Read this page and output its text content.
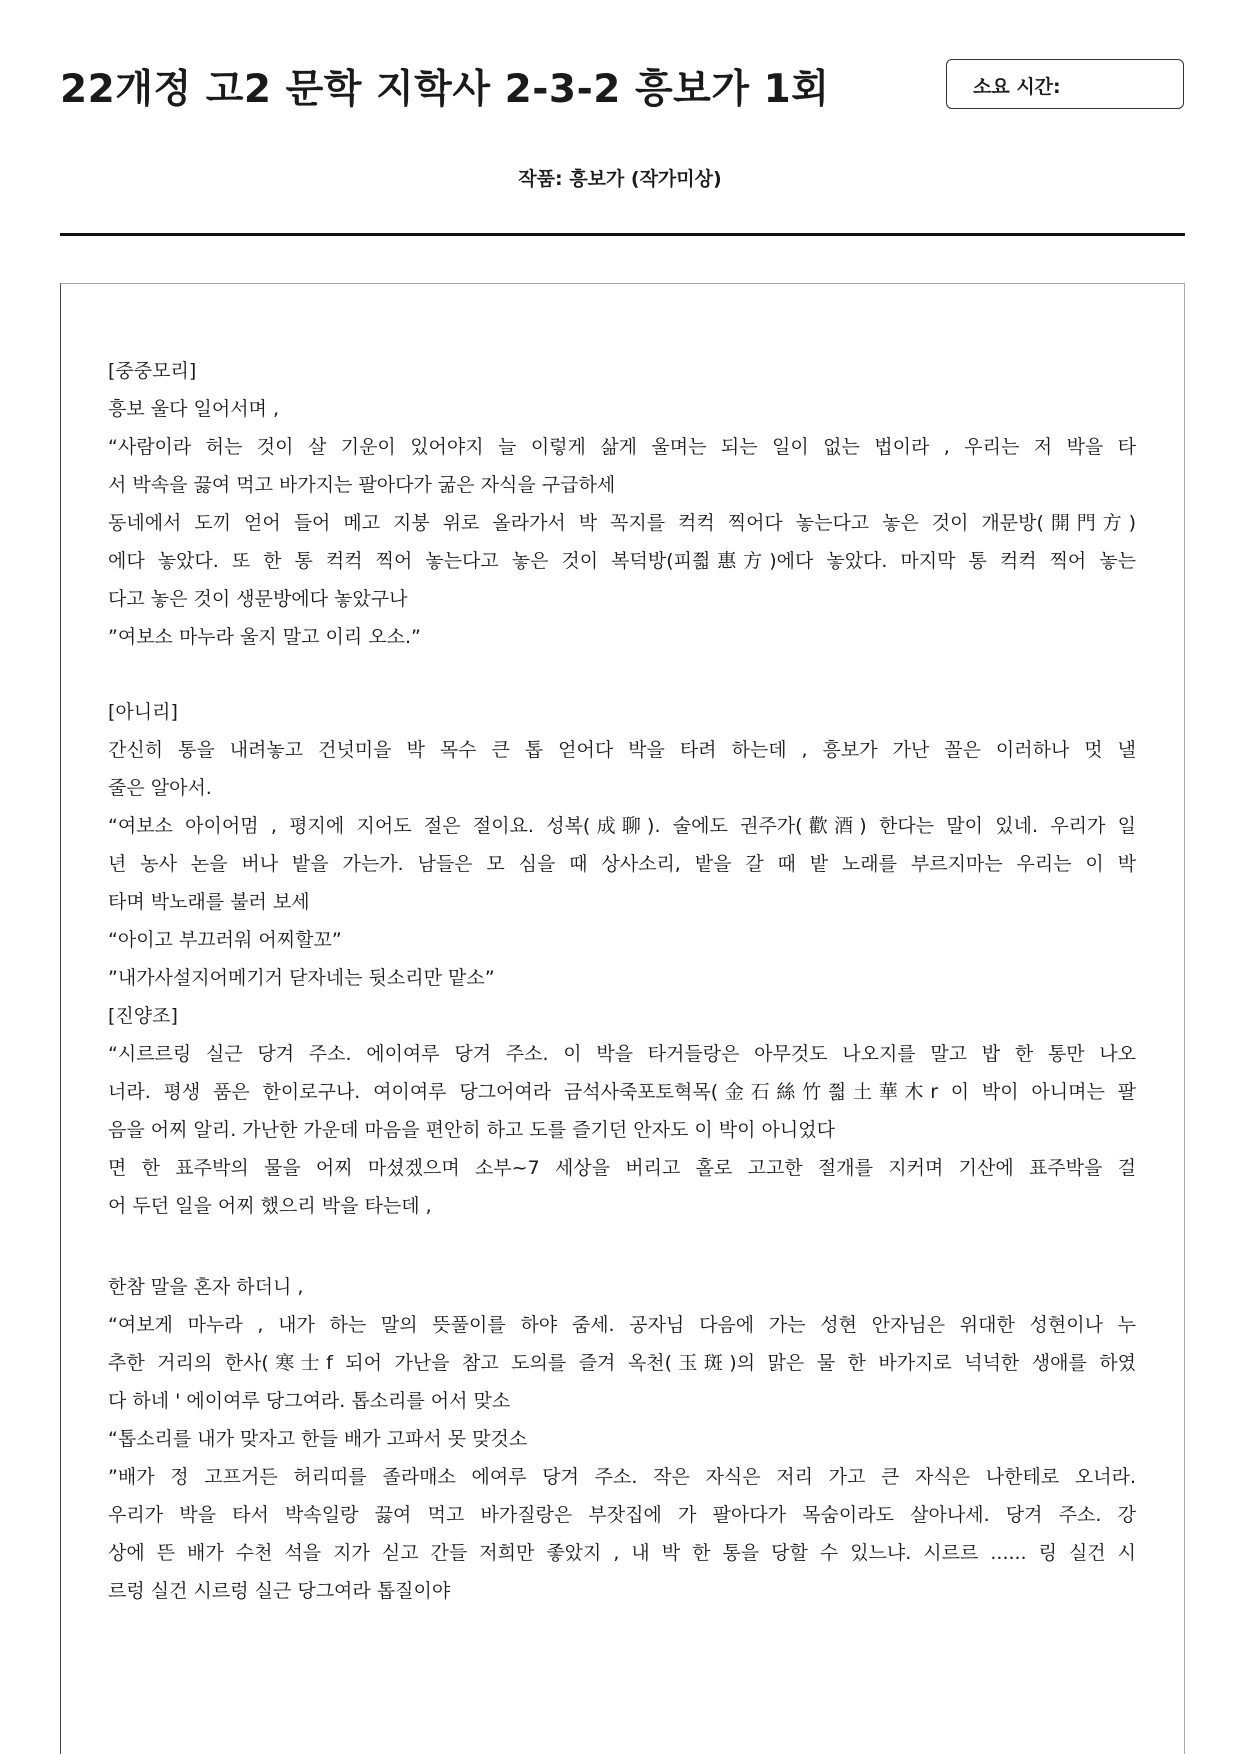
22개정 고2 문학 지학사 2-3-2 흥보가 1회	소요 시간:
작품: 흥보가 (작가미상)
[중중모리]
흥보 울다 일어서며 ,
“사람이라 허는 것이 살 기운이 있어야지 늘 이렇게 삶게 울며는 되는 일이 없는 법이라 , 우리는 저 박을 타
서 박속을 끓여 먹고 바가지는 팔아다가 굶은 자식을 구급하세
동네에서 도끼 얻어 들어 메고 지붕 위로 올라가서 박 꼭지를 컥컥 찍어다 놓는다고 놓은 것이 개문방(開門方)
에다 놓았다. 또 한 통 컥컥 찍어 놓는다고 놓은 것이 복덕방(피쯻惠方)에다 놓았다. 마지막 통 컥컥 찍어 놓는
다고 놓은 것이 생문방에다 놓았구나
”여보소 마누라 울지 말고 이리 오소.”
[아니리]
간신히 통을 내려놓고 건넛미을 박 목수 큰 톱 얻어다 박을 타려 하는데 , 흥보가 가난 꼴은 이러하나 멋 낼
줄은 알아서.
“여보소 아이어멈 , 평지에 지어도 절은 절이요. 성복(成聊). 술에도 권주가(歡酒) 한다는 말이 있네. 우리가 일
년 농사 논을 버나 밭을 가는가. 남들은 모 심을 때 상사소리, 밭을 갈 때 밭 노래를 부르지마는 우리는 이 박
타며 박노래를 불러 보세
“아이고 부끄러워 어찌할꼬”
”내가사설지어메기거 닫자네는 뒷소리만 맡소”
[진양조]
“시르르링 실근 당겨 주소. 에이여루 당겨 주소. 이 박을 타거들랑은 아무것도 나오지를 말고 밥 한 통만 나오
너라. 평생 품은 한이로구나. 여이여루 당그어여라 금석사죽포토혁목(金石絲竹쯻土華木r 이 박이 아니며는 팔
음을 어찌 알리. 가난한 가운데 마음을 편안히 하고 도를 즐기던 안자도 이 박이 아니었다
면 한 표주박의 물을 어찌 마셨겠으며 소부~7 세상을 버리고 홀로 고고한 절개를 지커며 기산에 표주박을 걸
어 두던 일을 어찌 했으리 박을 타는데 ,
한참 말을 혼자 하더니 ,
“여보게 마누라 , 내가 하는 말의 뜻풀이를 하야 줌세. 공자님 다음에 가는 성현 안자님은 위대한 성현이나 누
추한 거리의 한사(寒士f 되어 가난을 참고 도의를 즐겨 옥천(玉斑)의 맑은 물 한 바가지로 넉넉한 생애를 하였
다 하네 ' 에이여루 당그여라. 톱소리를 어서 맞소
“톱소리를 내가 맞자고 한들 배가 고파서 못 맞것소
”배가 정 고프거든 허리띠를 졸라매소 에여루 당겨 주소. 작은 자식은 저리 가고 큰 자식은 나한테로 오너라.
우리가 박을 타서 박속일랑 끓여 먹고 바가질랑은 부잣집에 가 팔아다가 목숨이라도 살아나세. 당겨 주소. 강
상에 뜬 배가 수천 석을 지가 싣고 간들 저희만 좋았지 , 내 박 한 통을 당할 수 있느냐. 시르르 ...... 링 실건 시
르렁 실건 시르렁 실근 당그여라 톱질이야
